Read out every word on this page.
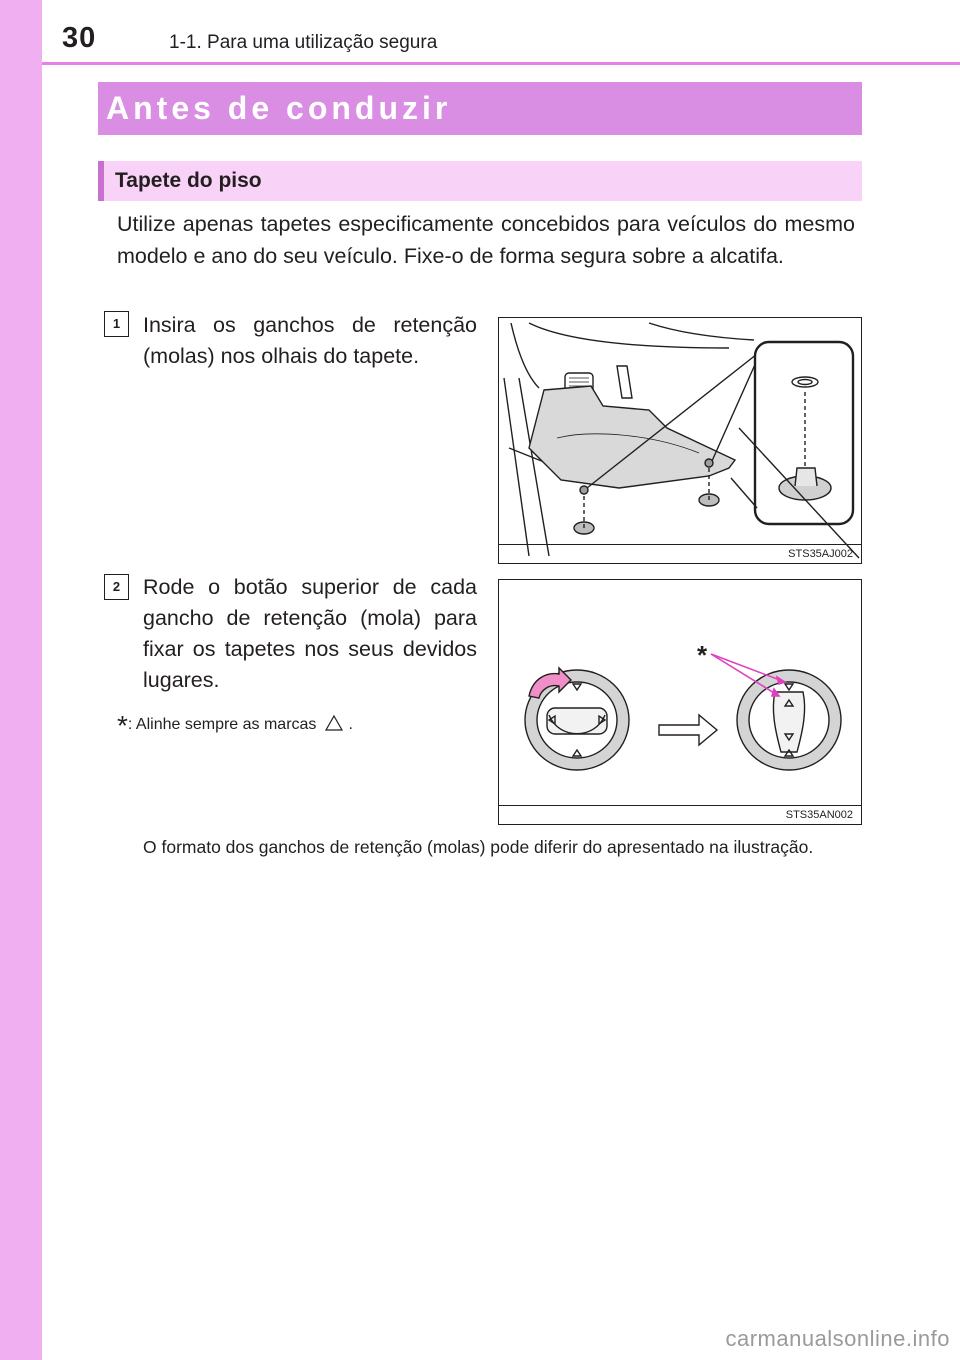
30	1-1. Para uma utilização segura
Antes de conduzir
Tapete do piso
Utilize apenas tapetes especificamente concebidos para veículos do mesmo modelo e ano do seu veículo. Fixe-o de forma segura sobre a alcatifa.
1	Insira os ganchos de retenção (molas) nos olhais do tapete.
STS35AJ002
2	Rode o botão superior de cada gancho de retenção (mola) para fixar os tapetes nos seus devidos lugares.
*: Alinhe sempre as marcas .
*
STS35AN002
O formato dos ganchos de retenção (molas) pode diferir do apresentado na ilustração.
carmanualsonline.info
